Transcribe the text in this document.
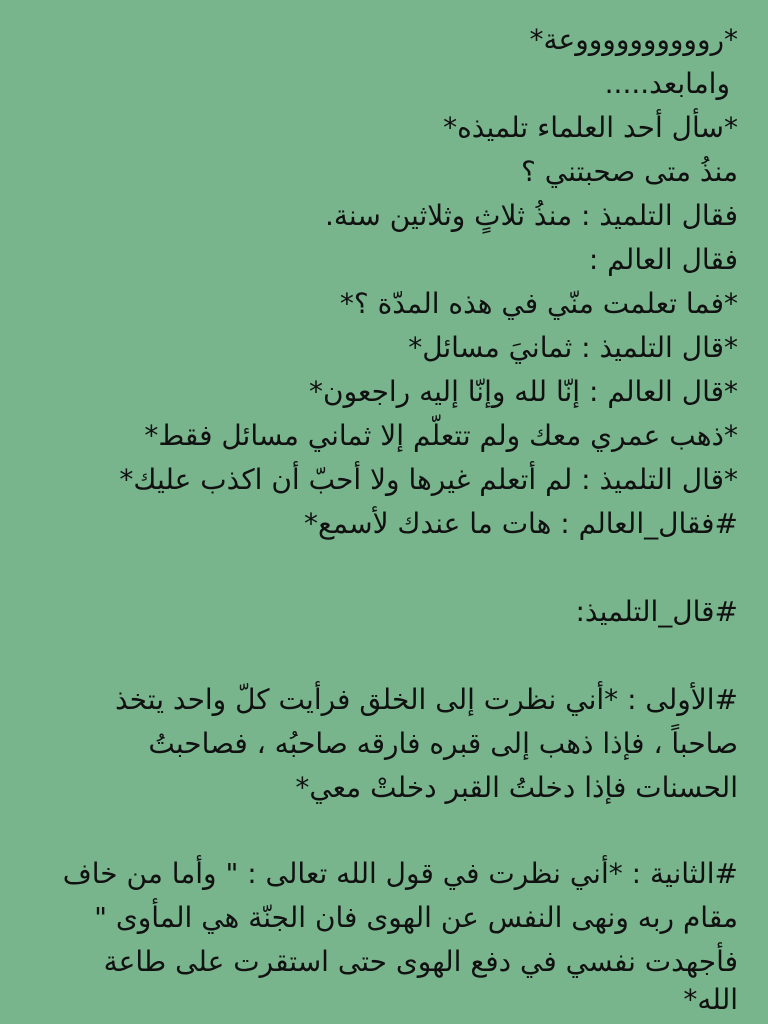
*رووووووووووعة*
وامابعد.....
*سأل أحد العلماء تلميذه*
منذُ متى صحبتني ؟
فقال التلميذ : منذُ ثلاثٍ وثلاثين سنة.
فقال العالم :
*فما تعلمت منّي في هذه المدّة ؟*
*قال التلميذ : ثمانيَ مسائل*
*قال العالم : إنّا لله وإنّا إليه راجعون*
*ذهب عمري معك ولم تتعلّم إلا ثماني مسائل فقط*
*قال التلميذ : لم أتعلم غيرها ولا أحبّ أن اكذب عليك*
#فقال_العالم : هات ما عندك لأسمع*
#قال_التلميذ:
#الأولى : *أني نظرت إلى الخلق فرأيت كلّ واحد يتخذ
صاحباً ، فإذا ذهب إلى قبره فارقه صاحبُه ، فصاحبتُ
الحسنات فإذا دخلتُ القبر دخلتْ معي*
#الثانية : *أني نظرت في قول الله تعالى : " وأما من خاف
مقام ربه ونهى النفس عن الهوى فان الجنّة هي المأوى "
فأجهدت نفسي في دفع الهوى حتى استقرت على طاعة
الله*
